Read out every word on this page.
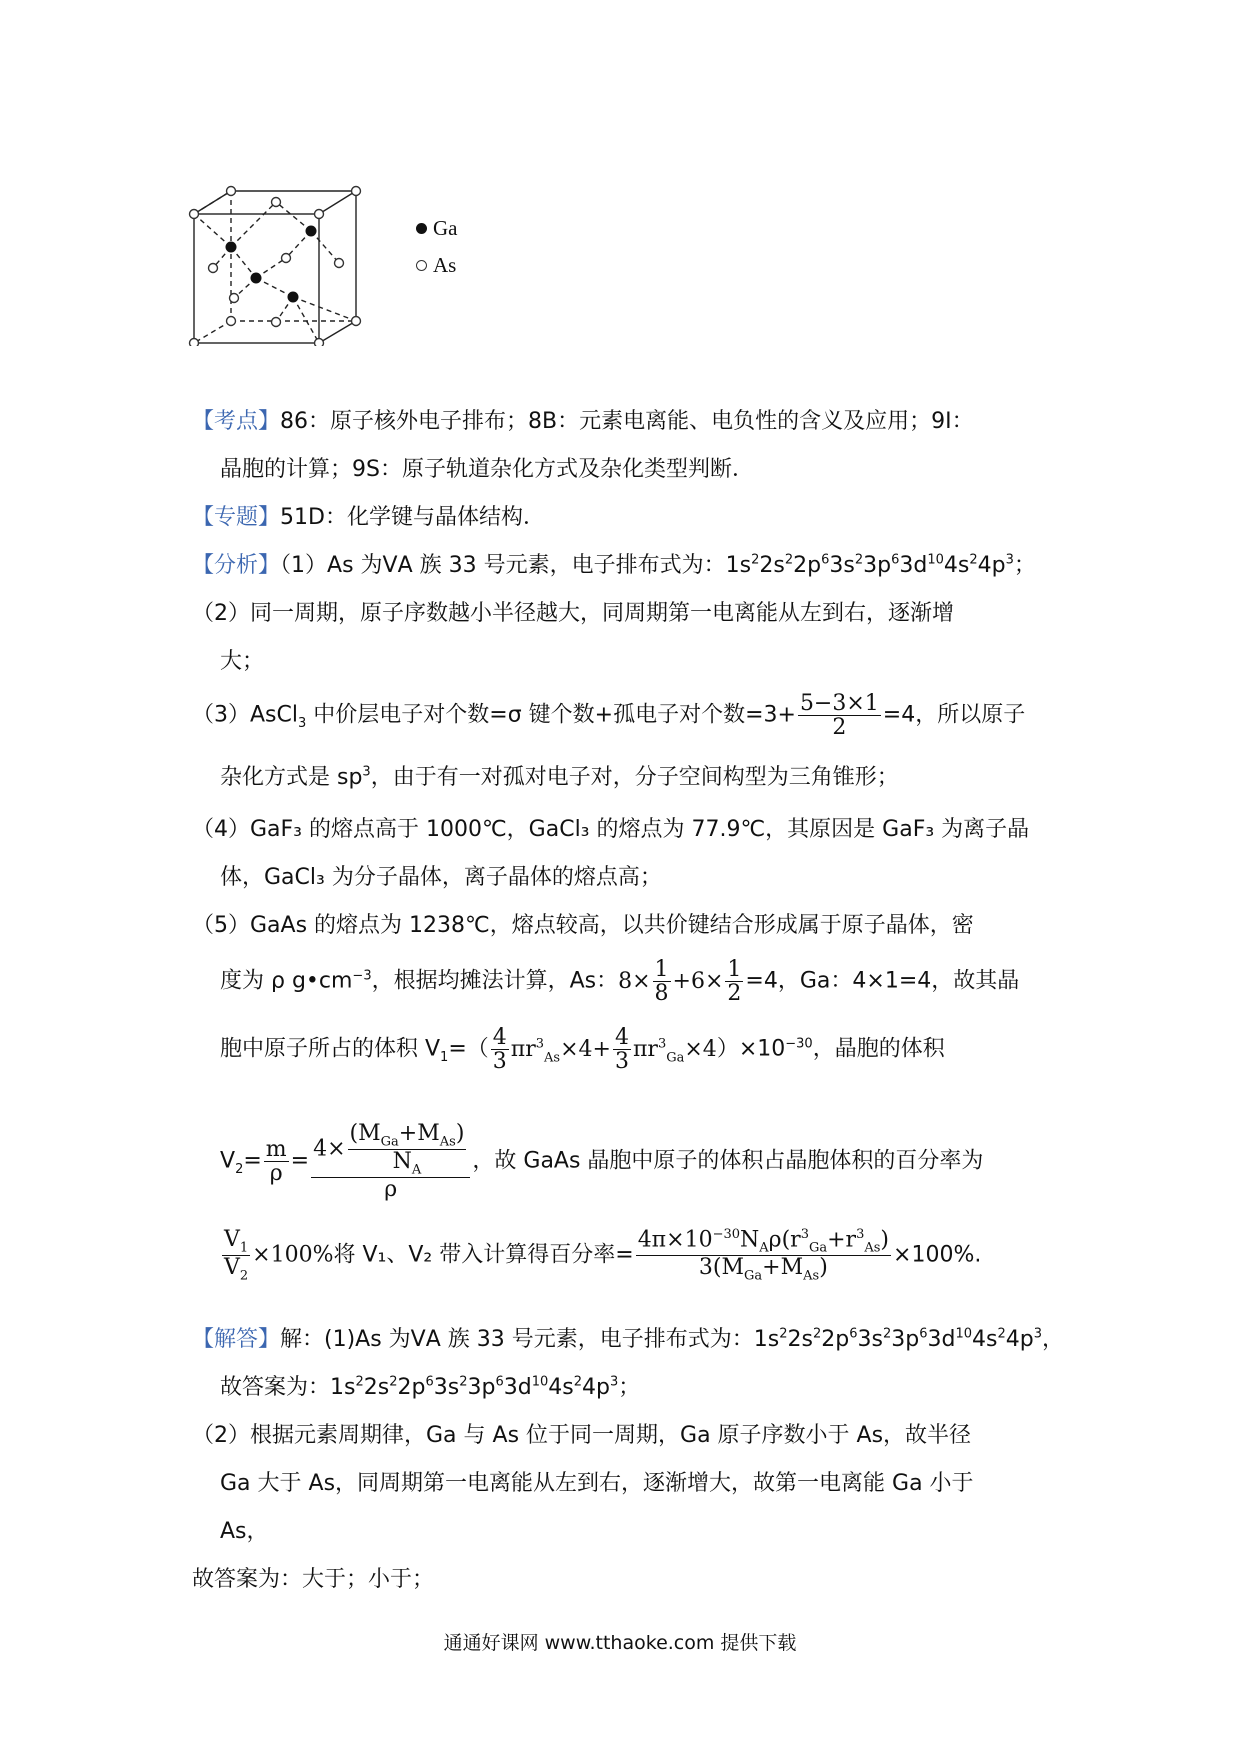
Ga
As
【考点】86：原子核外电子排布；8B：元素电离能、电负性的含义及应用；9I：
晶胞的计算；9S：原子轨道杂化方式及杂化类型判断．
【专题】51D：化学键与晶体结构．
【分析】（1）As 为ⅤA 族 33 号元素，电子排布式为：$1s^22s^22p^63s^23p^63d^{10}4s^24p^3$；
（2）同一周期，原子序数越小半径越大，同周期第一电离能从左到右，逐渐增
大；
（3）AsCl$_3$ 中价层电子对个数=σ 键个数+孤电子对个数$=3+ \frac{5-3\times 1}{2} =4$，所以原子
杂化方式是 $sp^3$，由于有一对孤对电子对，分子空间构型为三角锥形；
（4）GaF₃ 的熔点高于 1000℃，GaCl₃ 的熔点为 77.9℃，其原因是 GaF₃ 为离子晶
体，GaCl₃ 为分子晶体，离子晶体的熔点高；
（5）GaAs 的熔点为 1238℃，熔点较高，以共价键结合形成属于原子晶体，密
度为 ρ $g•cm^{-3}$，根据均摊法计算，As：$8\times \frac{1}{8} +6\times \frac{1}{2} =4$，Ga：4×1=4，故其晶
胞中原子所占的体积 $V_1=( \frac{4}{3} \pi r^3_{As}\times 4+ \frac{4}{3} \pi r^3_{Ga}\times 4)\times 10^{-30}$，晶胞的体积
$V_2= \frac{m}{\rho} = \frac{4\times \frac{(M_{Ga}+M_{As})}{N_A}}{\rho}$ ，故 GaAs 晶胞中原子的体积占晶胞体积的百分率为
$\frac{V_1}{V_2} \times 100\%$将 V₁、V₂ 带入计算得百分率= $\frac{4\pi\times 10^{-30}N_A\rho(r^3_{Ga}+r^3_{As})}{3(M_{Ga}+M_{As})} \times 100\%$.
【解答】解：(1)As 为ⅤA 族 33 号元素，电子排布式为：$1s^22s^22p^63s^23p^63d^{10}4s^24p^3$，
故答案为：$1s^22s^22p^63s^23p^63d^{10}4s^24p^3$；
（2）根据元素周期律，Ga 与 As 位于同一周期，Ga 原子序数小于 As，故半径
Ga 大于 As，同周期第一电离能从左到右，逐渐增大，故第一电离能 Ga 小于
As，
故答案为：大于；小于；
通通好课网 www.tthaoke.com 提供下载
